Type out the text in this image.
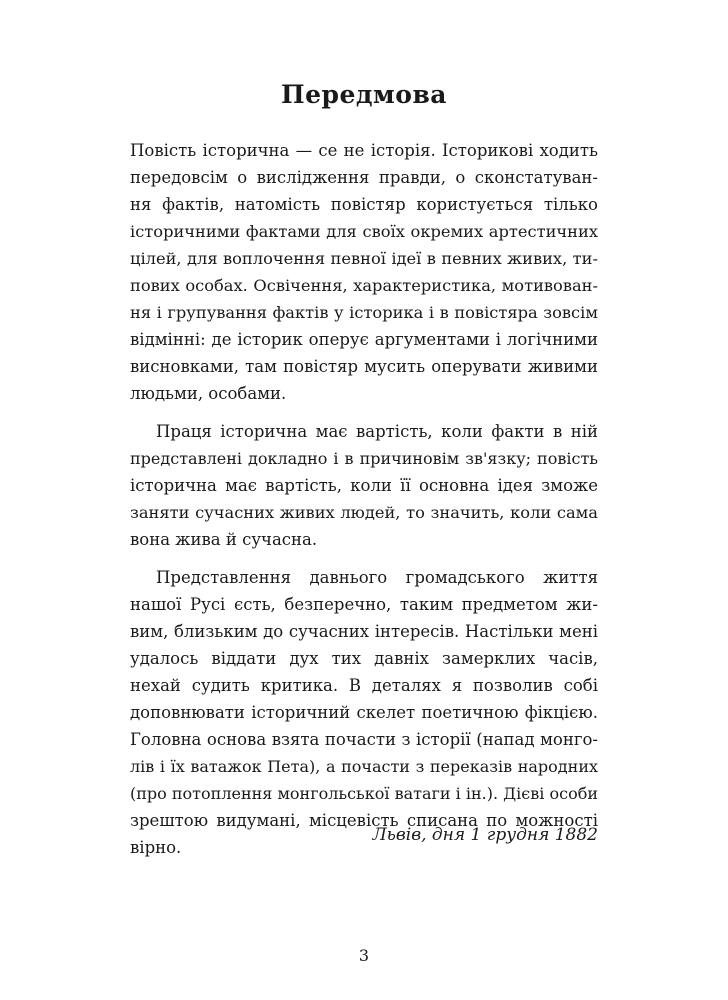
Передмова
Повість історична — се не історія. Історикові ходить
передовсім о вислідження правди, о сконстатуван-
ня фактів, натомість повістяр користується тілько
історичними фактами для своїх окремих артестичних
цілей, для воплочення певної ідеї в певних живих, ти-
пових особах. Освічення, характеристика, мотивован-
ня і групування фактів у історика і в повістяра зовсім
відмінні: де історик оперує аргументами і логічними
висновками, там повістяр мусить оперувати живими
людьми, особами.
Праця історична має вартість, коли факти в ній
представлені докладно і в причиновім зв'язку; повість
історична має вартість, коли її основна ідея зможе
заняти сучасних живих людей, то значить, коли сама
вона жива й сучасна.
Представлення давнього громадського життя
нашої Русі єсть, безперечно, таким предметом жи-
вим, близьким до сучасних інтересів. Настільки мені
удалось віддати дух тих давніх замерклих часів,
нехай судить критика. В деталях я позволив собі
доповнювати історичний скелет поетичною фікцією.
Головна основа взята почасти з історії (напад монго-
лів і їх ватажок Пета), а почасти з переказів народних
(про потоплення монгольської ватаги і ін.). Дієві особи
зрештою видумані, місцевість списана по можності
вірно.
Львів, дня 1 грудня 1882
3
